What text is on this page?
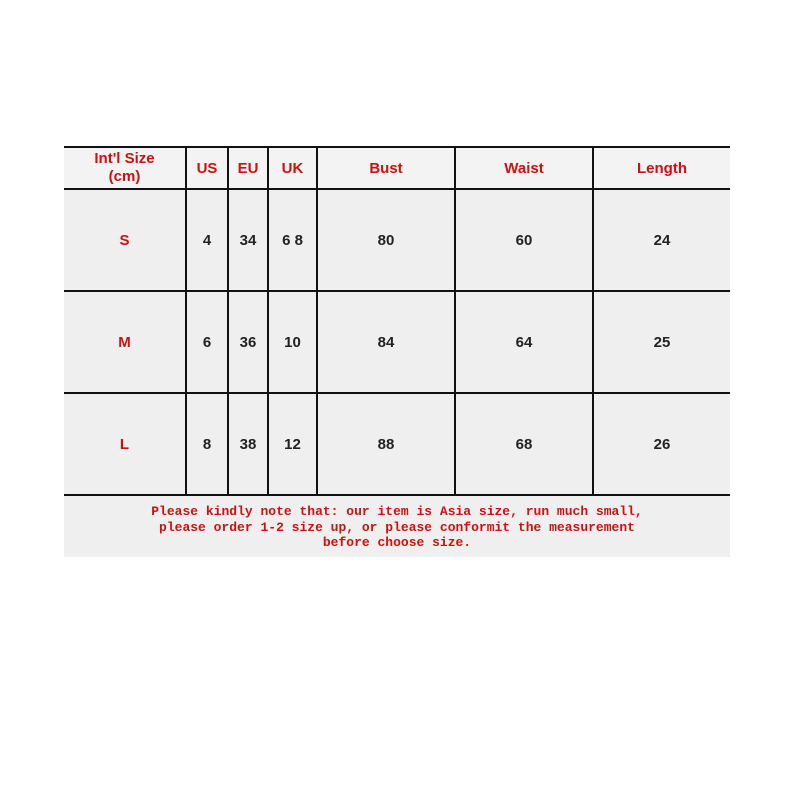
Int'l Size
(cm)	US	EU	UK	Bust	Waist	Length
S	4	34	6 8	80	60	24
M	6	36	10	84	64	25
L	8	38	12	88	68	26
Please kindly note that: our item is Asia size, run much small,
please order 1-2 size up, or please conformit the measurement
before choose size.
